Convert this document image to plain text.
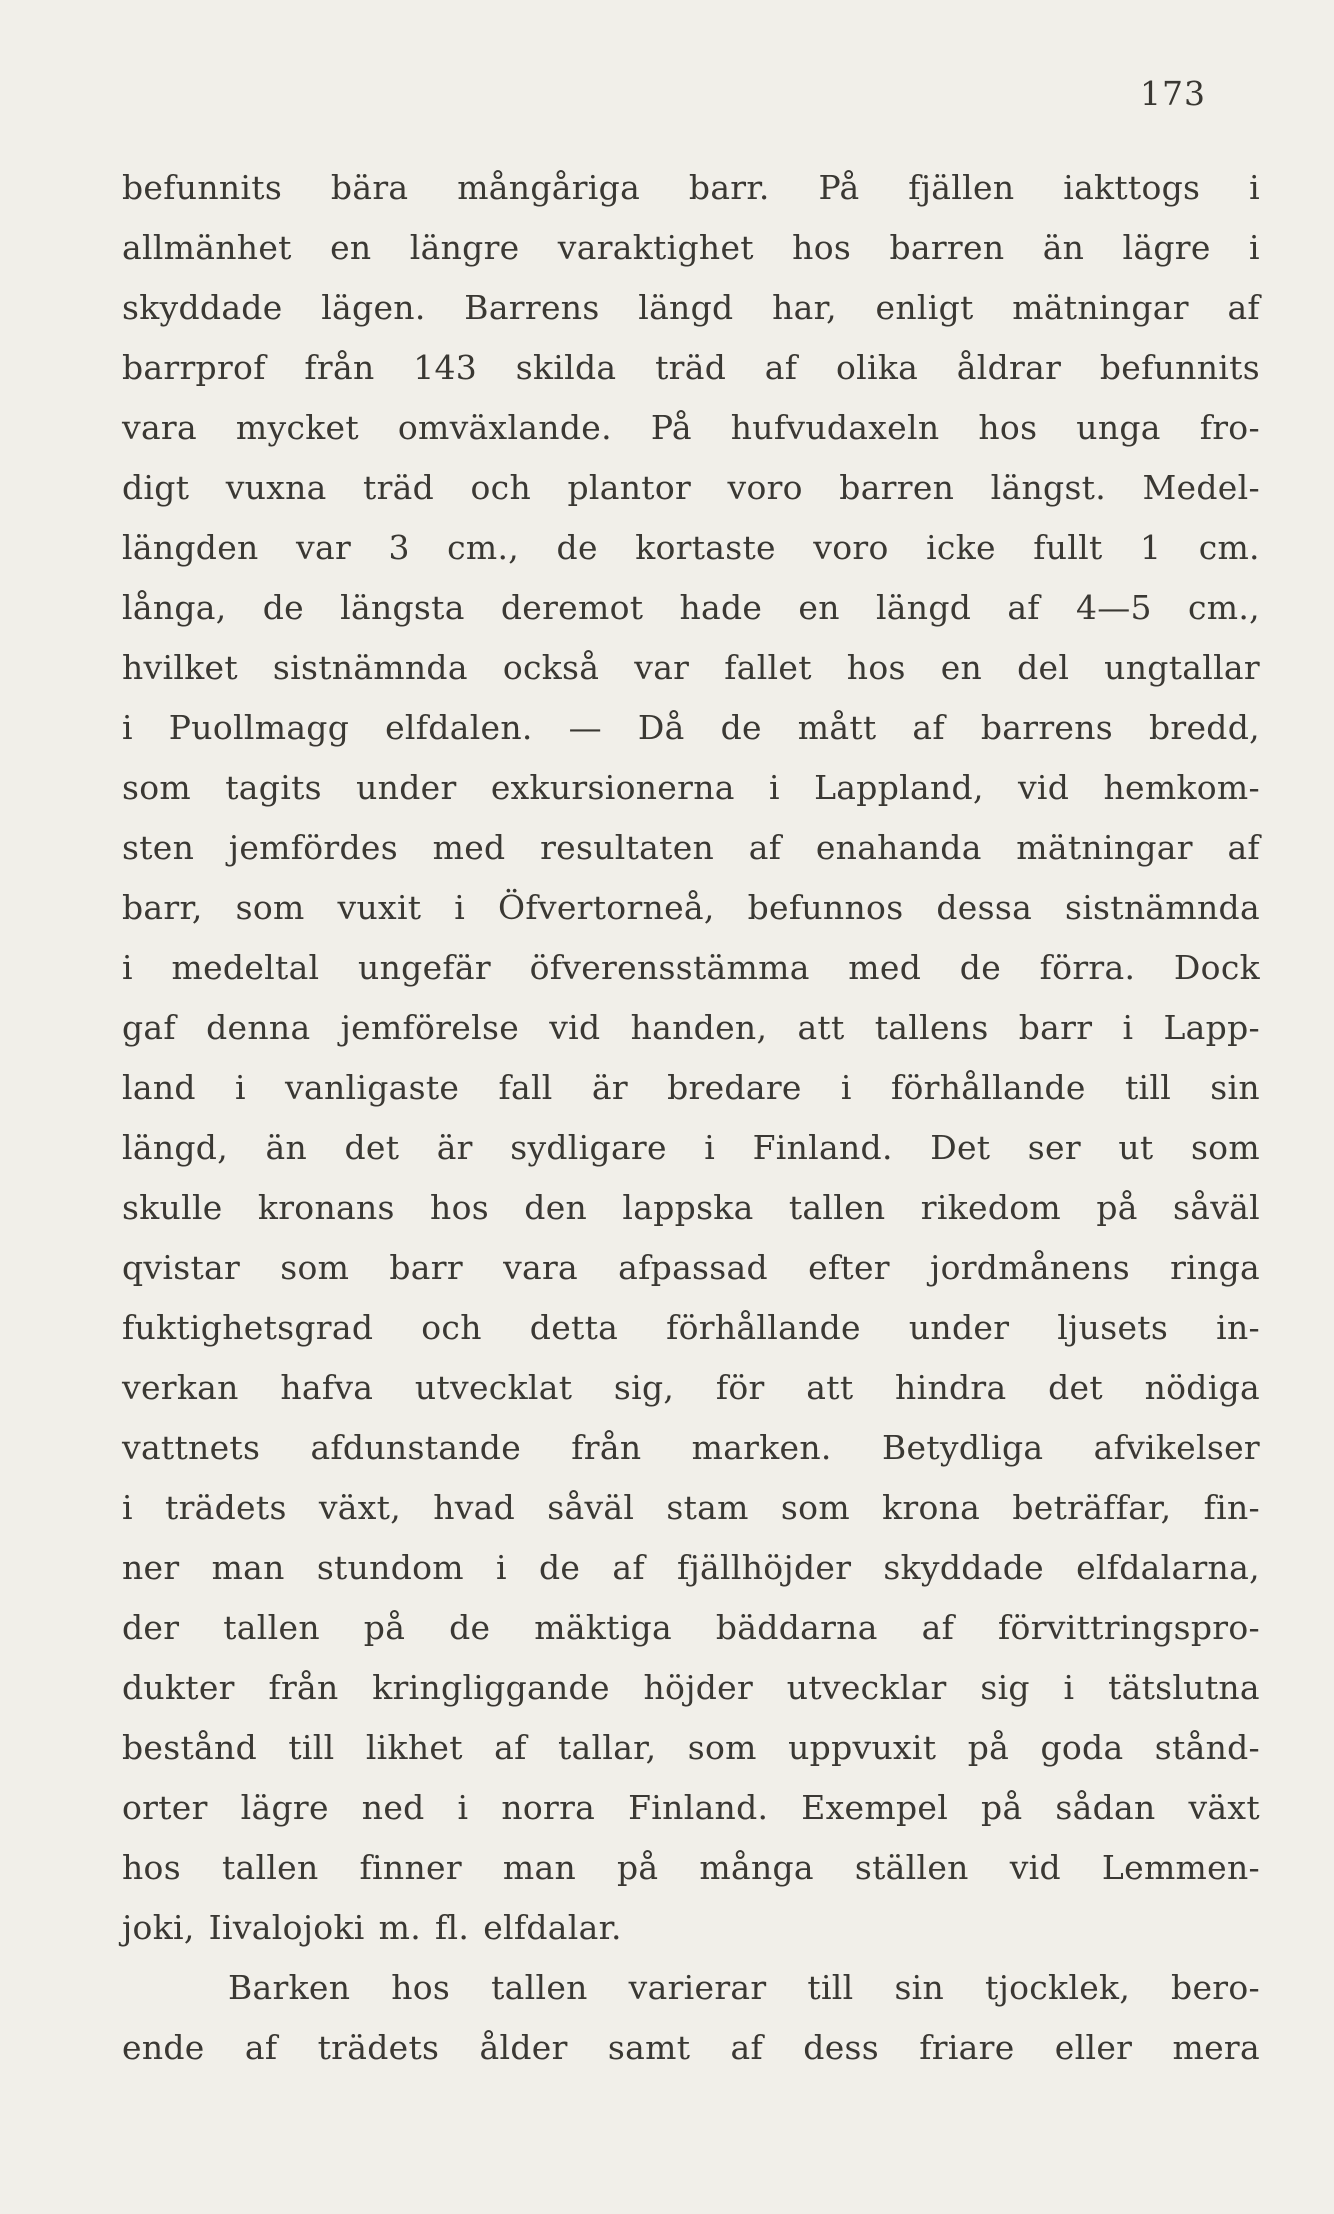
173
befunnits bära mångåriga barr. På fjällen iakttogs i
allmänhet en längre varaktighet hos barren än lägre i
skyddade lägen. Barrens längd har, enligt mätningar af
barrprof från 143 skilda träd af olika åldrar befunnits
vara mycket omväxlande. På hufvudaxeln hos unga fro-
digt vuxna träd och plantor voro barren längst. Medel-
längden var 3 cm., de kortaste voro icke fullt 1 cm.
långa, de längsta deremot hade en längd af 4—5 cm.,
hvilket sistnämnda också var fallet hos en del ungtallar
i Puollmagg elfdalen. — Då de mått af barrens bredd,
som tagits under exkursionerna i Lappland, vid hemkom-
sten jemfördes med resultaten af enahanda mätningar af
barr, som vuxit i Öfvertorneå, befunnos dessa sistnämnda
i medeltal ungefär öfverensstämma med de förra. Dock
gaf denna jemförelse vid handen, att tallens barr i Lapp-
land i vanligaste fall är bredare i förhållande till sin
längd, än det är sydligare i Finland. Det ser ut som
skulle kronans hos den lappska tallen rikedom på såväl
qvistar som barr vara afpassad efter jordmånens ringa
fuktighetsgrad och detta förhållande under ljusets in-
verkan hafva utvecklat sig, för att hindra det nödiga
vattnets afdunstande från marken. Betydliga afvikelser
i trädets växt, hvad såväl stam som krona beträffar, fin-
ner man stundom i de af fjällhöjder skyddade elfdalarna,
der tallen på de mäktiga bäddarna af förvittringspro-
dukter från kringliggande höjder utvecklar sig i tätslutna
bestånd till likhet af tallar, som uppvuxit på goda stånd-
orter lägre ned i norra Finland. Exempel på sådan växt
hos tallen finner man på många ställen vid Lemmen-
joki, Iivalojoki m. fl. elfdalar.
Barken hos tallen varierar till sin tjocklek, bero-
ende af trädets ålder samt af dess friare eller mera
